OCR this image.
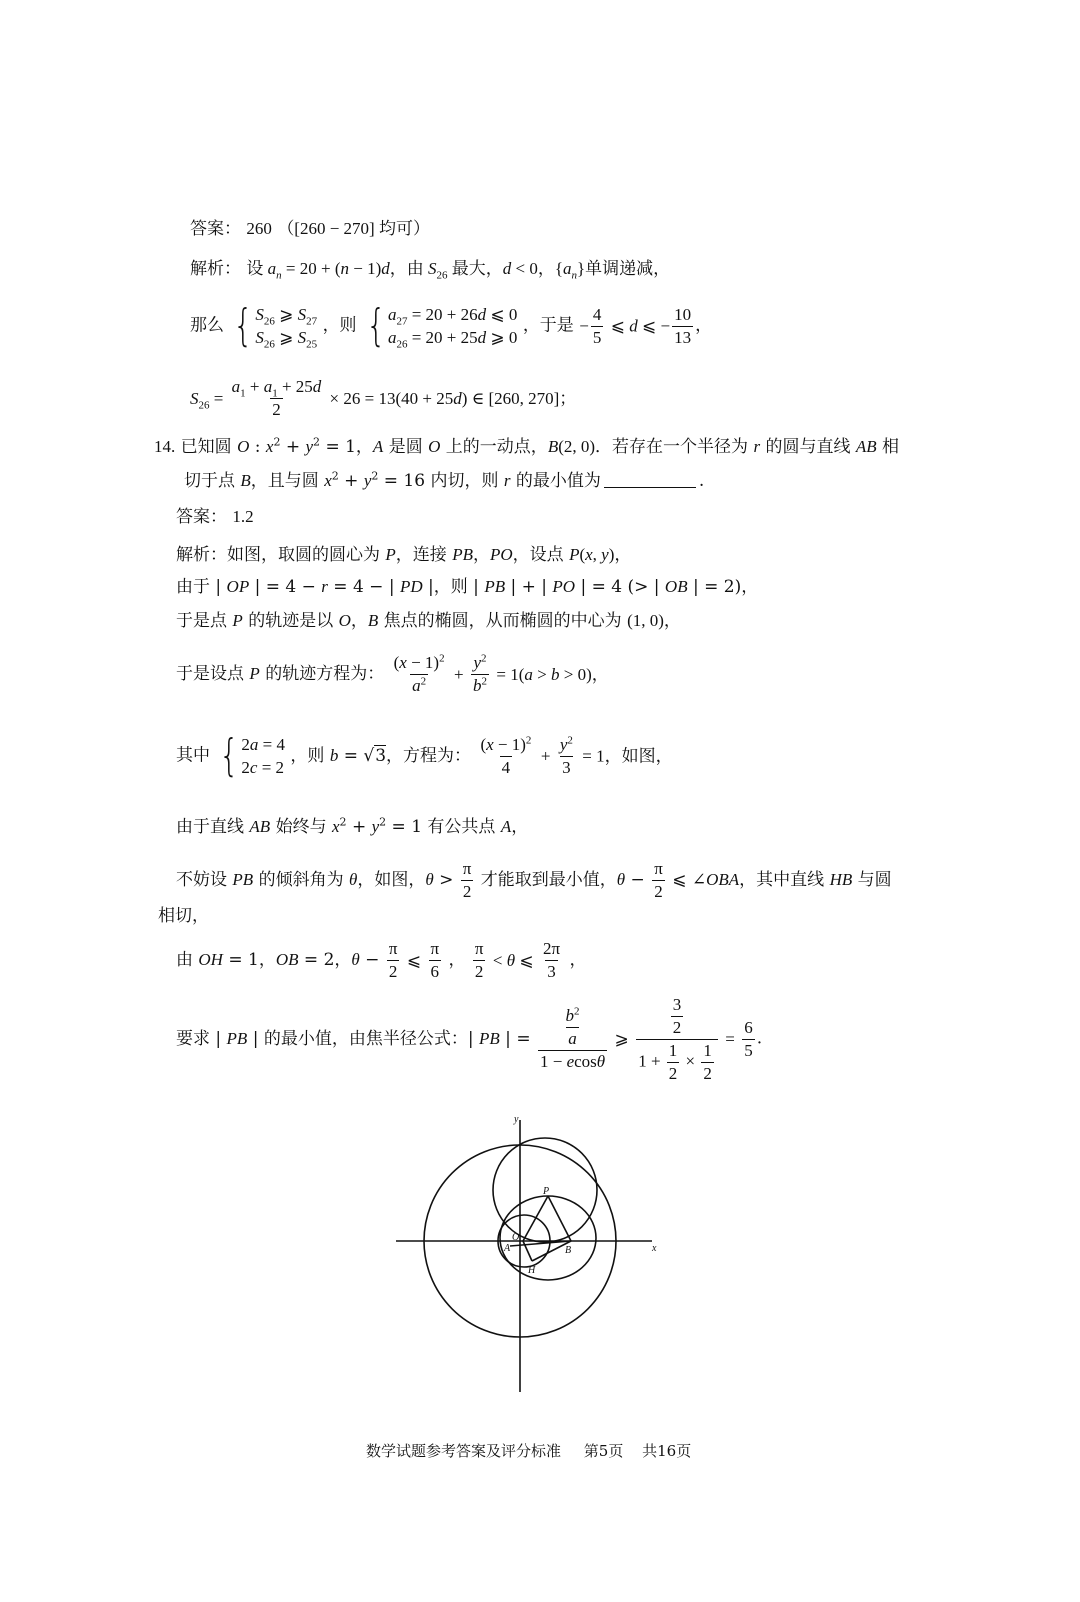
答案： 260 （[260 − 270] 均可）
解析： 设 $a_n = 20 + (n - 1)d$，由 $S_{26}$ 最大，d < 0，$\{a_n\}$单调递减，
那么 { $S_{26}$ ⩾ $S_{27}$
$S_{26}$ ⩾ $S_{25}$
，则 { $a_{27} = 20 + 26d$ ⩽ 0
$a_{26} = 20 + 25d$ ⩾ 0
，于是 − $\frac{4}{5}$ ⩽ d ⩽ − $\frac{10}{13}$ ，
$S_{26} = \frac{a_1 + a_1 + 25d}{2} \times 26 = 13(40 + 25d)$ ∈ [260, 270]；
14. 已知圆 O : $x^2 + y^2 = 1$，A 是圆 O 上的一动点，B(2, 0)．若存在一个半径为 r 的圆与直线 AB 相
切于点 B，且与圆 $x^2 + y^2 = 16$ 内切，则 r 的最小值为	.
答案： 1.2
解析：如图，取圆的圆心为 P，连接 PB，PO，设点 P(x, y)，
由于 | OP | = 4 − r = 4 − | PD |，则 | PB | + | PO | = 4 (> | OB | = 2)，
于是点 P 的轨迹是以 O，B 焦点的椭圆，从而椭圆的中心为 (1, 0)，
于是设点 P 的轨迹方程为： $\frac{(x - 1)^2}{a^2} + \frac{y^2}{b^2} = 1(a > b > 0)$，
其中 { 2a = 4
2c = 2
，则 b = √3，方程为： $\frac{(x - 1)^2}{4} + \frac{y^2}{3} = 1$，如图，
由于直线 AB 始终与 $x^2 + y^2 = 1$ 有公共点 A，
不妨设 PB 的倾斜角为 θ，如图，$\theta > \frac{\pi}{2}$ 才能取到最小值，$\theta - \frac{\pi}{2}$ ⩽ ∠OBA，其中直线 HB 与圆
相切，
由 OH = 1，OB = 2，$\theta - \frac{\pi}{2}$ ⩽ $\frac{\pi}{6}$ ， $\frac{\pi}{2} < \theta$ ⩽ $\frac{2\pi}{3}$ ，
要求 | PB | 的最小值，由焦半径公式：| PB | = $\frac{\frac{b^2}{a}}{1 - ecos\theta}$ ⩾ $\frac{\frac{3}{2}}{1 + \frac{1}{2} \times \frac{1}{2}} = \frac{6}{5}$ .
y
x
P
O
A	B
H
数学试题参考答案及评分标准 第5页 共16页
